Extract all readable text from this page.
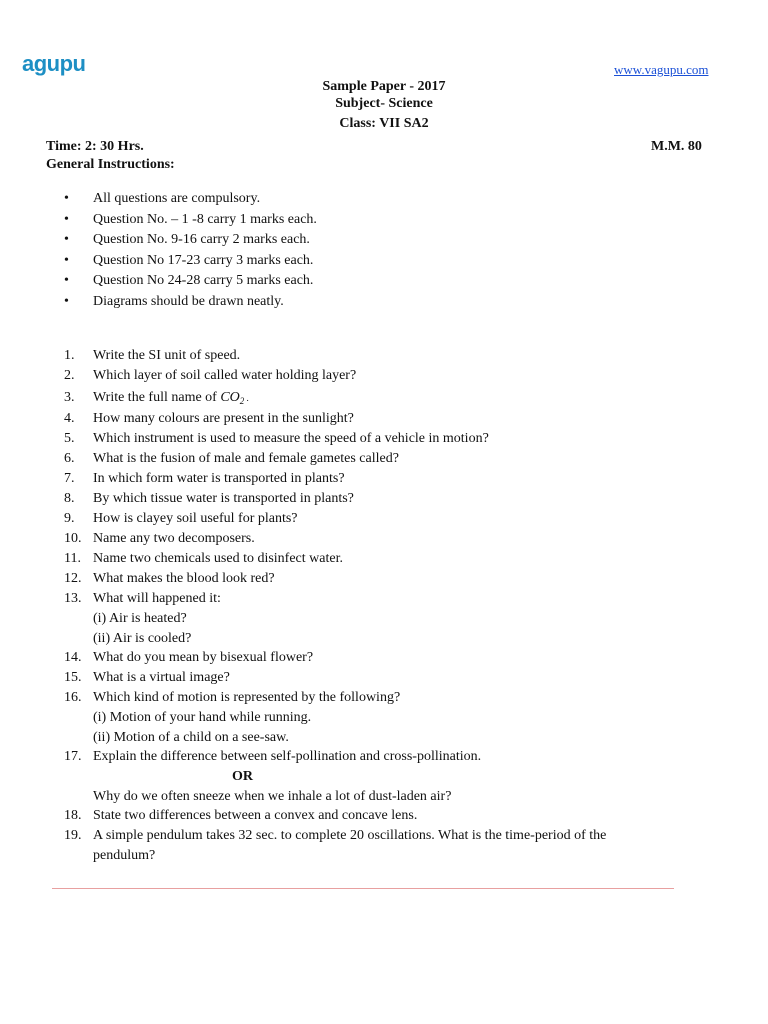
agupu	www.vagupu.com
Sample Paper - 2017
Subject- Science
Class: VII SA2
Time: 2: 30 Hrs.	M.M. 80
General Instructions:
• All questions are compulsory.
• Question No. – 1 -8 carry 1 marks each.
• Question No. 9-16 carry 2 marks each.
• Question No 17-23 carry 3 marks each.
• Question No 24-28 carry 5 marks each.
• Diagrams should be drawn neatly.
1. Write the SI unit of speed.
2. Which layer of soil called water holding layer?
3. Write the full name of $CO_2$ .
4. How many colours are present in the sunlight?
5. Which instrument is used to measure the speed of a vehicle in motion?
6. What is the fusion of male and female gametes called?
7. In which form water is transported in plants?
8. By which tissue water is transported in plants?
9. How is clayey soil useful for plants?
10. Name any two decomposers.
11. Name two chemicals used to disinfect water.
12. What makes the blood look red?
13. What will happened it:
(i) Air is heated?
(ii) Air is cooled?
14. What do you mean by bisexual flower?
15. What is a virtual image?
16. Which kind of motion is represented by the following?
(i) Motion of your hand while running.
(ii) Motion of a child on a see-saw.
17. Explain the difference between self-pollination and cross-pollination.
OR
Why do we often sneeze when we inhale a lot of dust-laden air?
18. State two differences between a convex and concave lens.
19. A simple pendulum takes 32 sec. to complete 20 oscillations. What is the time-period of the
pendulum?
